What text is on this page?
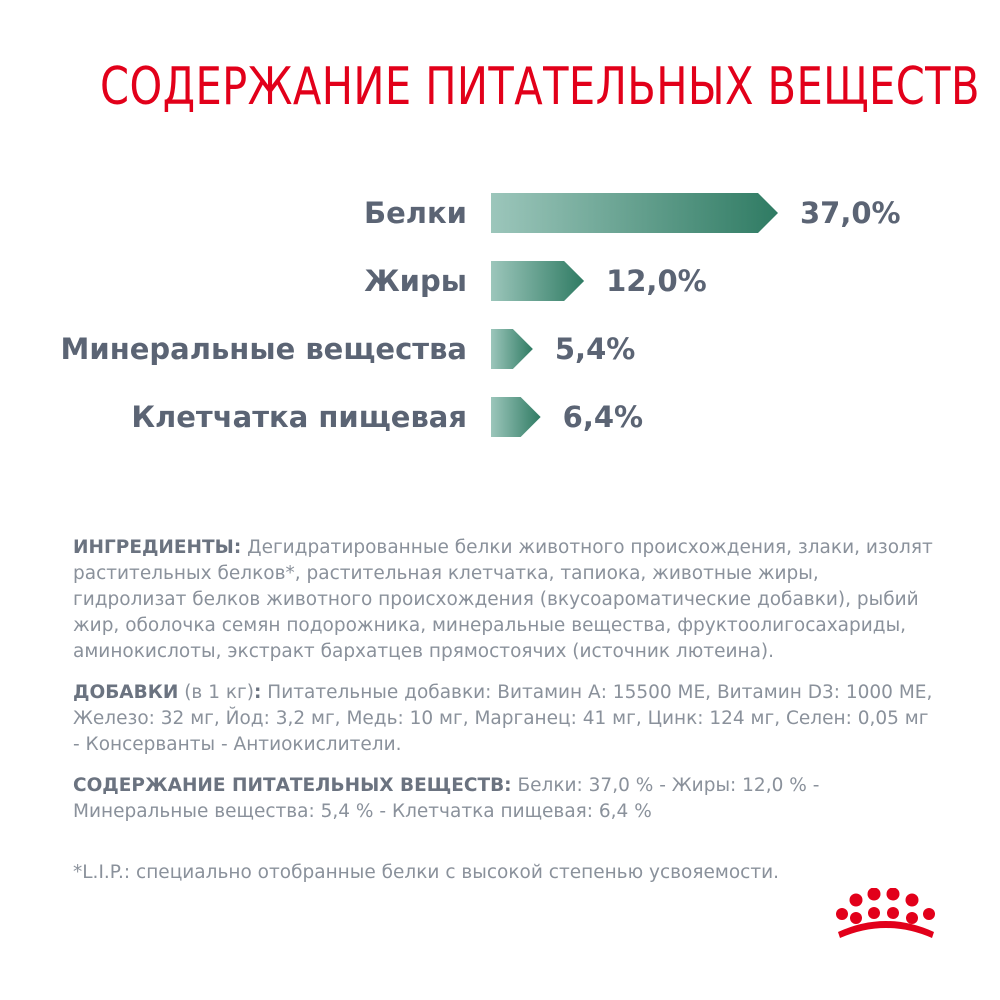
СОДЕРЖАНИЕ ПИТАТЕЛЬНЫХ ВЕЩЕСТВ
Белки	37,0%
Жиры	12,0%
Минеральные вещества	5,4%
Клетчатка пищевая	6,4%
ИНГРЕДИЕНТЫ: Дегидратированные белки животного происхождения, злаки, изолят растительных белков*, растительная клетчатка, тапиока, животные жиры, гидролизат белков животного происхождения (вкусоароматические добавки), рыбий жир, оболочка семян подорожника, минеральные вещества, фруктоолигосахариды, аминокислоты, экстракт бархатцев прямостоячих (источник лютеина).
ДОБАВКИ (в 1 кг): Питательные добавки: Витамин А: 15500 МЕ, Витамин D3: 1000 МЕ, Железо: 32 мг, Йод: 3,2 мг, Медь: 10 мг, Марганец: 41 мг, Цинк: 124 мг, Селен: 0,05 мг - Консерванты - Антиокислители.
СОДЕРЖАНИЕ ПИТАТЕЛЬНЫХ ВЕЩЕСТВ: Белки: 37,0 % - Жиры: 12,0 % - Минеральные вещества: 5,4 % - Клетчатка пищевая: 6,4 %
*L.I.P.: специально отобранные белки с высокой степенью усвояемости.
